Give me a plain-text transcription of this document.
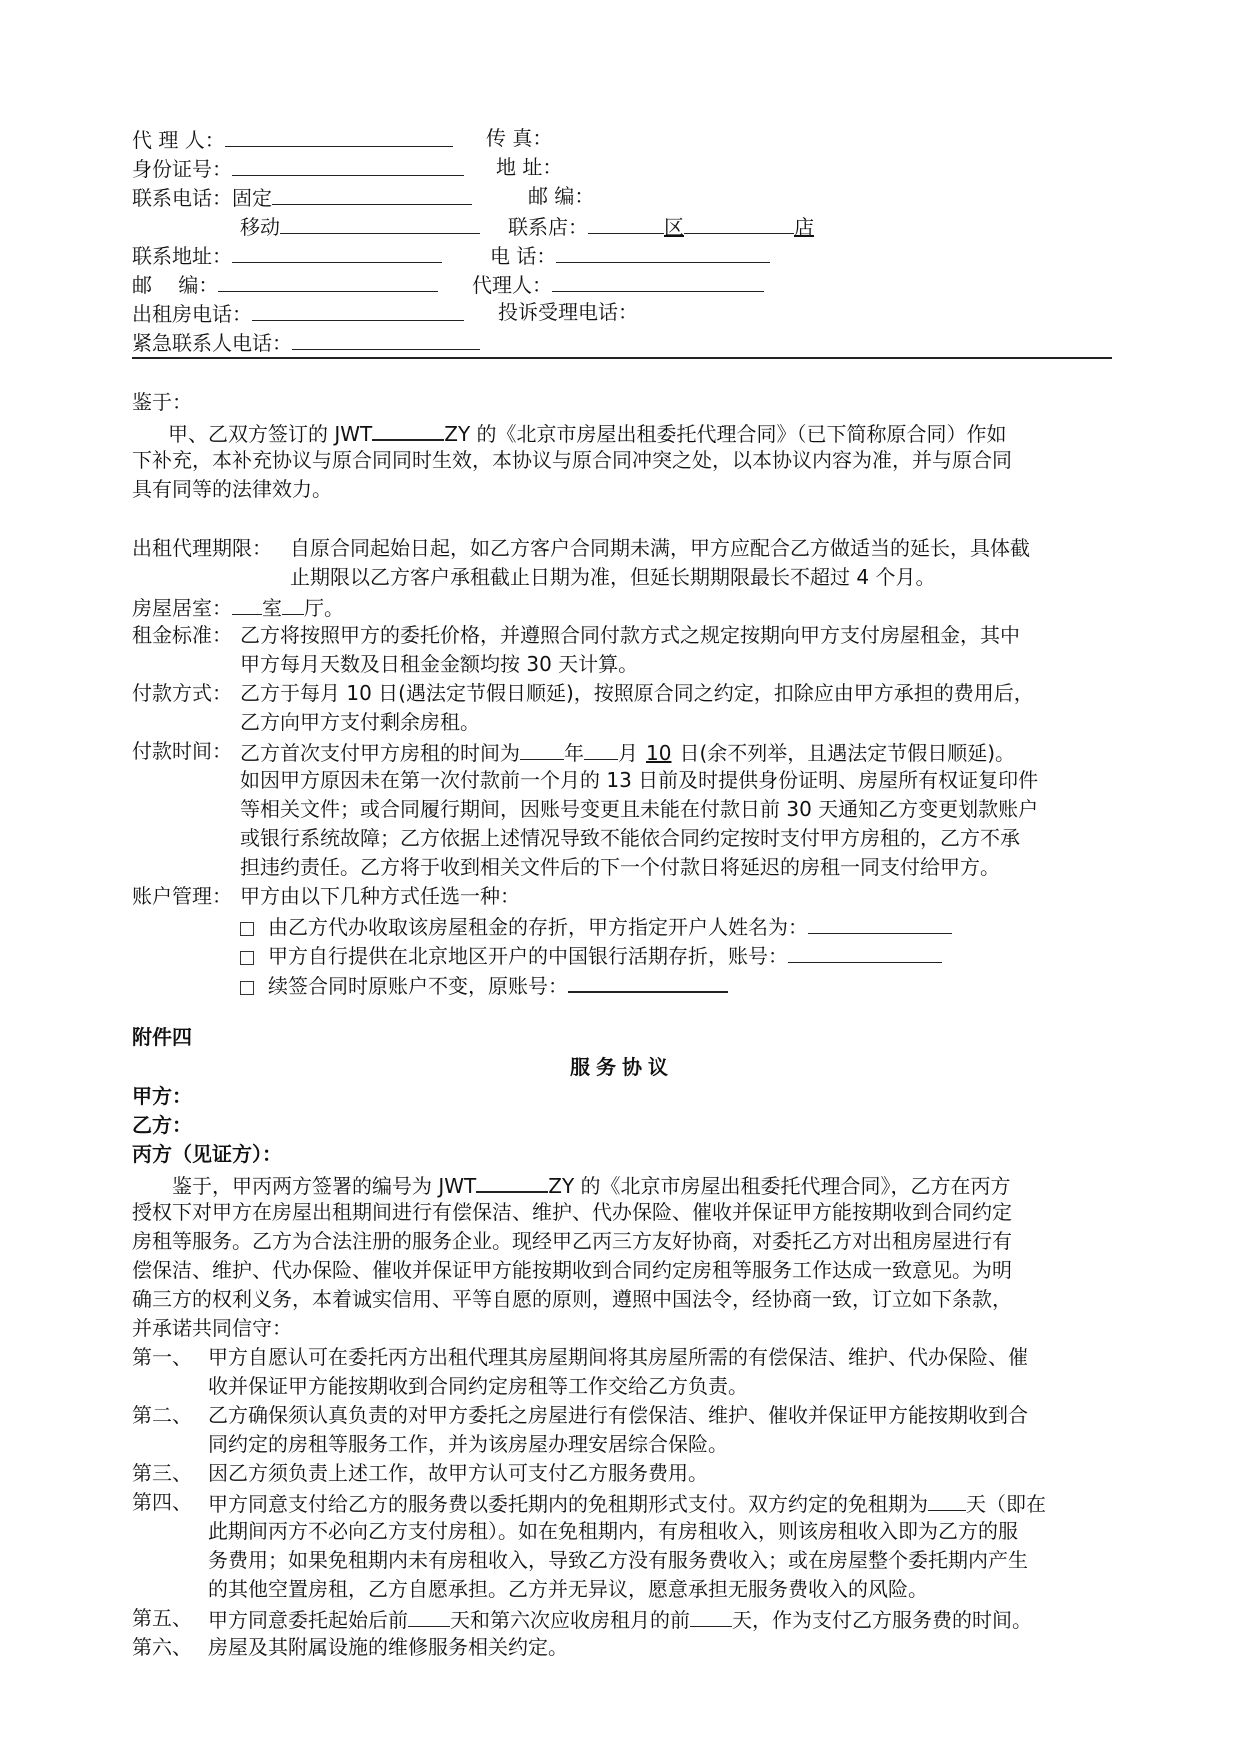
代 理 人：	传 真：
身份证号：	地 址：
联系电话：固定	邮 编：
移动	联系店：	区	店
联系地址：	电 话：
邮　 编：	代理人：
出租房电话：	投诉受理电话：
紧急联系人电话：
鉴于：
甲、乙双方签订的 JWT	ZY 的《北京市房屋出租委托代理合同》（已下简称原合同）作如
下补充，本补充协议与原合同同时生效，本协议与原合同冲突之处，以本协议内容为准，并与原合同
具有同等的法律效力。
出租代理期限： 自原合同起始日起，如乙方客户合同期未满，甲方应配合乙方做适当的延长，具体截
止期限以乙方客户承租截止日期为准，但延长期期限最长不超过 4 个月。
房屋居室： 室 厅。
租金标准： 乙方将按照甲方的委托价格，并遵照合同付款方式之规定按期向甲方支付房屋租金，其中
甲方每月天数及日租金金额均按 30 天计算。
付款方式： 乙方于每月 10 日(遇法定节假日顺延)，按照原合同之约定，扣除应由甲方承担的费用后，
乙方向甲方支付剩余房租。
付款时间： 乙方首次支付甲方房租的时间为 年 月 10 日(余不列举，且遇法定节假日顺延)。
如因甲方原因未在第一次付款前一个月的 13 日前及时提供身份证明、房屋所有权证复印件
等相关文件；或合同履行期间，因账号变更且未能在付款日前 30 天通知乙方变更划款账户
或银行系统故障；乙方依据上述情况导致不能依合同约定按时支付甲方房租的，乙方不承
担违约责任。乙方将于收到相关文件后的下一个付款日将延迟的房租一同支付给甲方。
账户管理： 甲方由以下几种方式任选一种：
由乙方代办收取该房屋租金的存折，甲方指定开户人姓名为：
甲方自行提供在北京地区开户的中国银行活期存折，账号：
续签合同时原账户不变，原账号：
附件四
服务协议
甲方：
乙方：
丙方（见证方）：
鉴于，甲丙两方签署的编号为 JWT	ZY 的《北京市房屋出租委托代理合同》，乙方在丙方
授权下对甲方在房屋出租期间进行有偿保洁、维护、代办保险、催收并保证甲方能按期收到合同约定
房租等服务。乙方为合法注册的服务企业。现经甲乙丙三方友好协商，对委托乙方对出租房屋进行有
偿保洁、维护、代办保险、催收并保证甲方能按期收到合同约定房租等服务工作达成一致意见。为明
确三方的权利义务，本着诚实信用、平等自愿的原则，遵照中国法令，经协商一致，订立如下条款，
并承诺共同信守：
第一、 甲方自愿认可在委托丙方出租代理其房屋期间将其房屋所需的有偿保洁、维护、代办保险、催
收并保证甲方能按期收到合同约定房租等工作交给乙方负责。
第二、 乙方确保须认真负责的对甲方委托之房屋进行有偿保洁、维护、催收并保证甲方能按期收到合
同约定的房租等服务工作，并为该房屋办理安居综合保险。
第三、 因乙方须负责上述工作，故甲方认可支付乙方服务费用。
第四、 甲方同意支付给乙方的服务费以委托期内的免租期形式支付。双方约定的免租期为 天（即在
此期间丙方不必向乙方支付房租）。如在免租期内，有房租收入，则该房租收入即为乙方的服
务费用；如果免租期内未有房租收入，导致乙方没有服务费收入；或在房屋整个委托期内产生
的其他空置房租，乙方自愿承担。乙方并无异议，愿意承担无服务费收入的风险。
第五、 甲方同意委托起始后前 天和第六次应收房租月的前 天，作为支付乙方服务费的时间。
第六、 房屋及其附属设施的维修服务相关约定。
